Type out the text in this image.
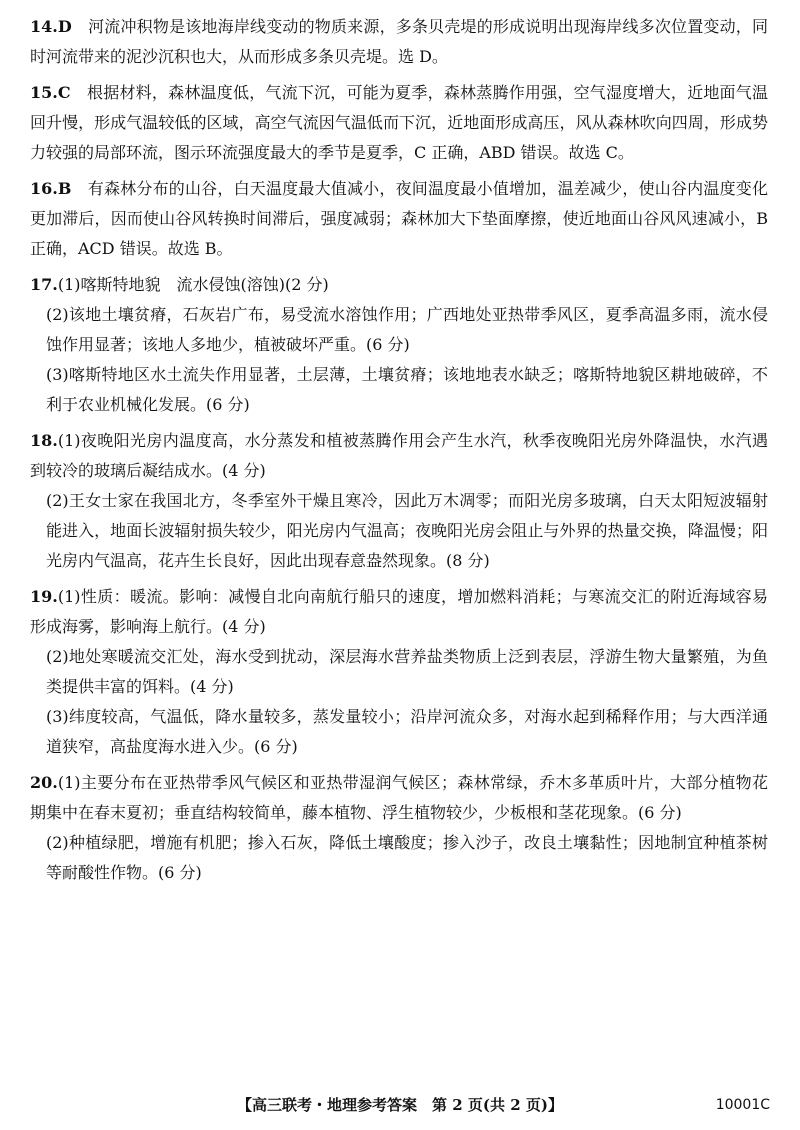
14.D　 河流冲积物是该地海岸线变动的物质来源，多条贝壳堤的形成说明出现海岸线多次位置变动，同时河流带来的泥沙沉积也大，从而形成多条贝壳堤。选 D。

15.C　 根据材料，森林温度低，气流下沉，可能为夏季，森林蒸腾作用强，空气湿度增大，近地面气温回升慢，形成气温较低的区域，高空气流因气温低而下沉，近地面形成高压，风从森林吹向四周，形成势力较强的局部环流，图示环流强度最大的季节是夏季，C 正确，ABD 错误。故选 C。

16.B　 有森林分布的山谷，白天温度最大值减小，夜间温度最小值增加，温差减少，使山谷内温度变化更加滞后，因而使山谷风转换时间滞后，强度减弱；森林加大下垫面摩擦，使近地面山谷风风速减小，B 正确，ACD 错误。故选 B。

17.(1)喀斯特地貌　流水侵蚀(溶蚀)(2 分)

(2)该地土壤贫瘠，石灰岩广布，易受流水溶蚀作用；广西地处亚热带季风区，夏季高温多雨，流水侵蚀作用显著；该地人多地少，植被破坏严重。(6 分)

(3)喀斯特地区水土流失作用显著，土层薄，土壤贫瘠；该地地表水缺乏；喀斯特地貌区耕地破碎，不利于农业机械化发展。(6 分)

18.(1)夜晚阳光房内温度高，水分蒸发和植被蒸腾作用会产生水汽，秋季夜晚阳光房外降温快，水汽遇到较冷的玻璃后凝结成水。(4 分)

(2)王女士家在我国北方，冬季室外干燥且寒冷，因此万木凋零；而阳光房多玻璃，白天太阳短波辐射能进入，地面长波辐射损失较少，阳光房内气温高；夜晚阳光房会阻止与外界的热量交换，降温慢；阳光房内气温高，花卉生长良好，因此出现春意盎然现象。(8 分)

19.(1)性质：暖流。影响：减慢自北向南航行船只的速度，增加燃料消耗；与寒流交汇的附近海域容易形成海雾，影响海上航行。(4 分)

(2)地处寒暖流交汇处，海水受到扰动，深层海水营养盐类物质上泛到表层，浮游生物大量繁殖，为鱼类提供丰富的饵料。(4 分)

(3)纬度较高，气温低，降水量较多，蒸发量较小；沿岸河流众多，对海水起到稀释作用；与大西洋通道狭窄，高盐度海水进入少。(6 分)

20.(1)主要分布在亚热带季风气候区和亚热带湿润气候区；森林常绿，乔木多革质叶片，大部分植物花期集中在春末夏初；垂直结构较简单，藤本植物、浮生植物较少，少板根和茎花现象。(6 分)

(2)种植绿肥，增施有机肥；掺入石灰，降低土壤酸度；掺入沙子，改良土壤黏性；因地制宜种植茶树等耐酸性作物。(6 分)

【高三联考・地理参考答案　第 2 页(共 2 页)】	10001C
